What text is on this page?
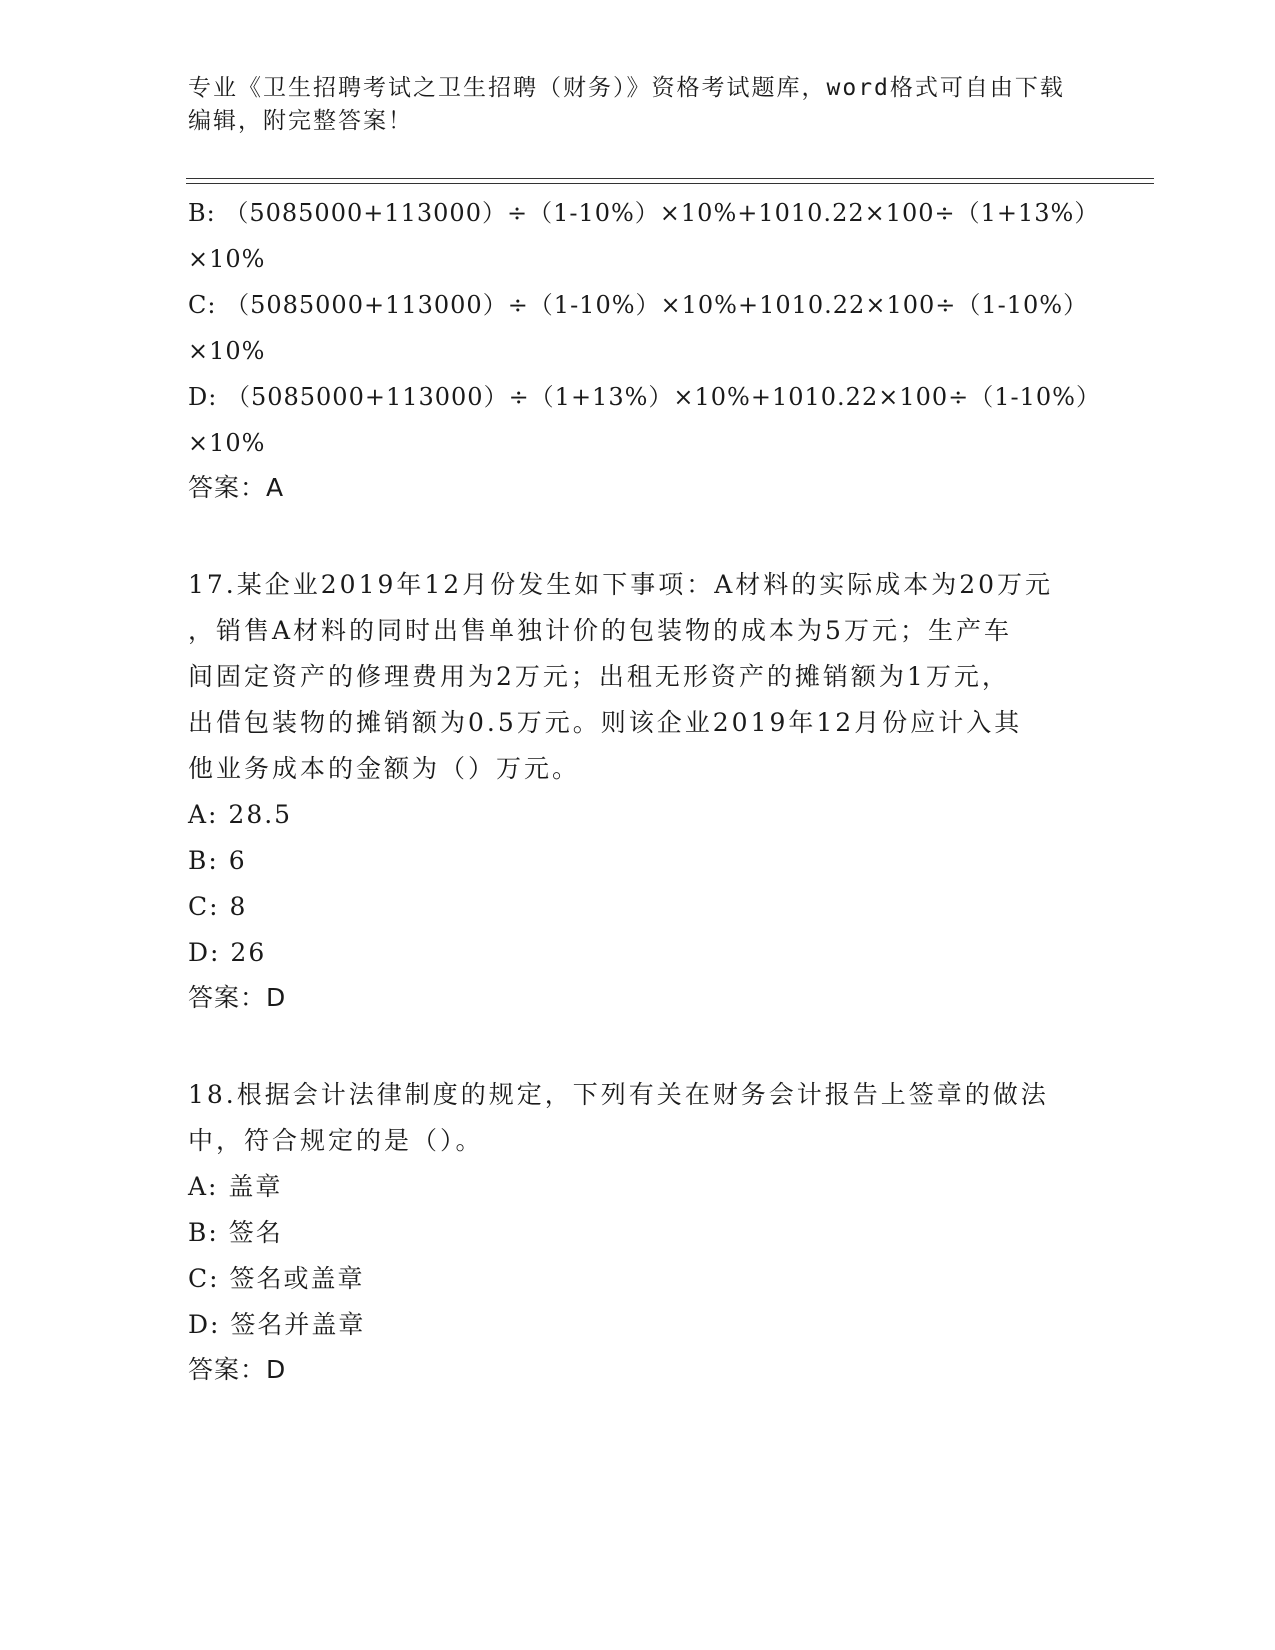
专业《卫生招聘考试之卫生招聘（财务）》资格考试题库，word格式可自由下载
编辑，附完整答案！
B: （5085000+113000）÷（1-10%）×10%+1010.22×100÷（1+13%）
×10%
C: （5085000+113000）÷（1-10%）×10%+1010.22×100÷（1-10%）
×10%
D: （5085000+113000）÷（1+13%）×10%+1010.22×100÷（1-10%）
×10%
答案：A
17.某企业2019年12月份发生如下事项：A材料的实际成本为20万元
，销售A材料的同时出售单独计价的包装物的成本为5万元；生产车
间固定资产的修理费用为2万元；出租无形资产的摊销额为1万元，
出借包装物的摊销额为0.5万元。则该企业2019年12月份应计入其
他业务成本的金额为（）万元。
A: 28.5
B: 6
C: 8
D: 26
答案：D
18.根据会计法律制度的规定，下列有关在财务会计报告上签章的做法
中，符合规定的是（）。
A: 盖章
B: 签名
C: 签名或盖章
D: 签名并盖章
答案：D
